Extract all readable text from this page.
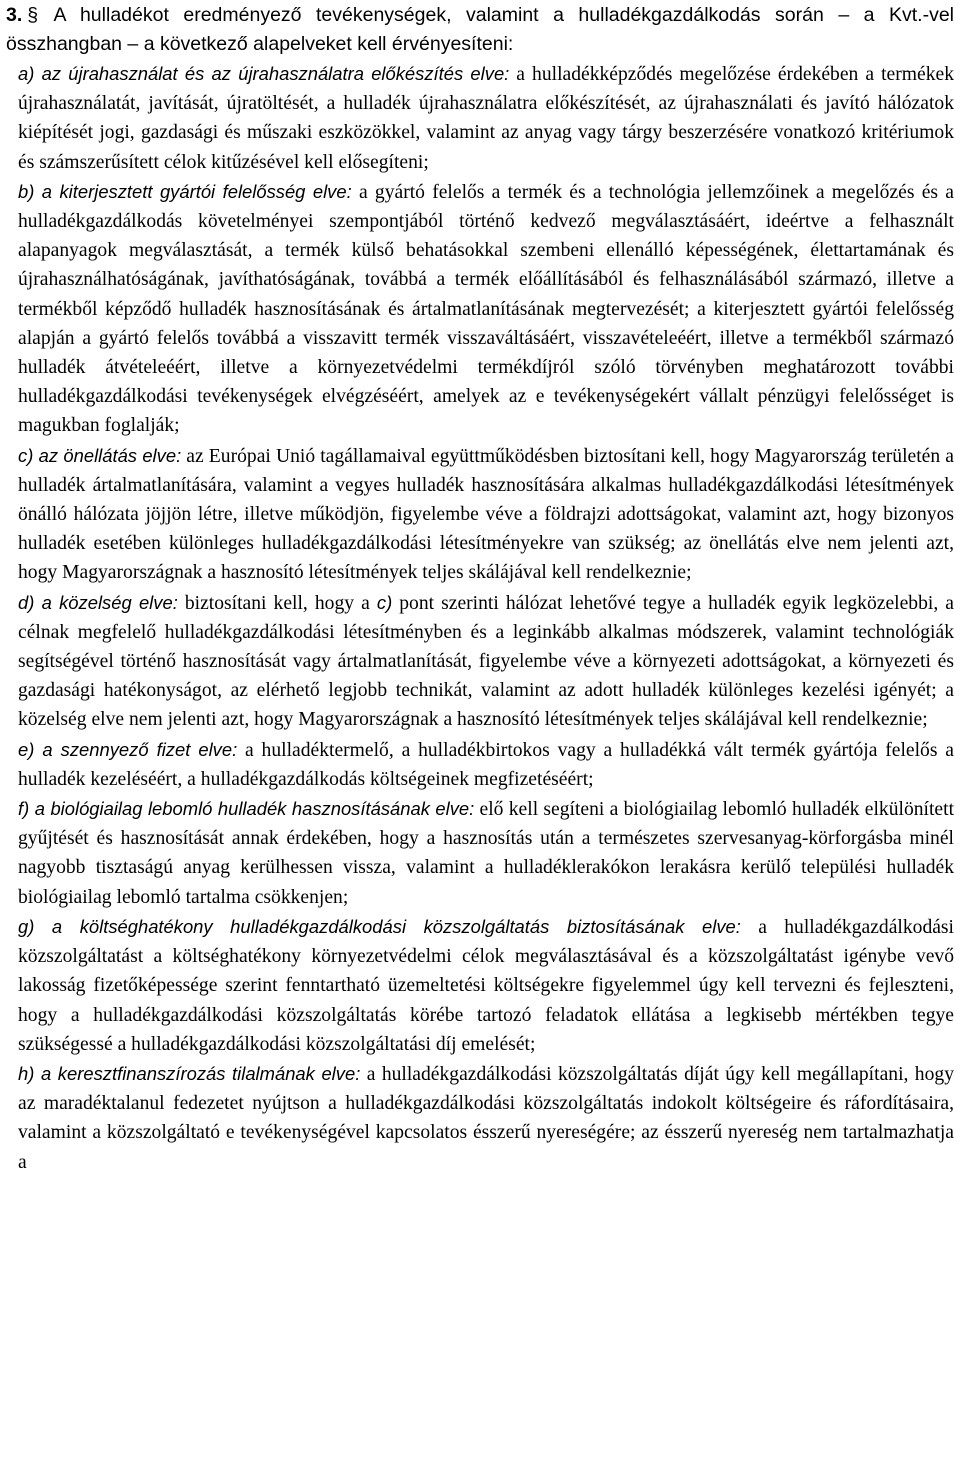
3. § A hulladékot eredményező tevékenységek, valamint a hulladékgazdálkodás során – a Kvt.-vel összhangban – a következő alapelveket kell érvényesíteni:

a) az újrahasználat és az újrahasználatra előkészítés elve: a hulladékképződés megelőzése érdekében a termékek újrahasználatát, javítását, újratöltését, a hulladék újrahasználatra előkészítését, az újrahasználati és javító hálózatok kiépítését jogi, gazdasági és műszaki eszközökkel, valamint az anyag vagy tárgy beszerzésére vonatkozó kritériumok és számszerűsített célok kitűzésével kell elősegíteni;

b) a kiterjesztett gyártói felelősség elve: a gyártó felelős a termék és a technológia jellemzőinek a megelőzés és a hulladékgazdálkodás követelményei szempontjából történő kedvező megválasztásáért, ideértve a felhasznált alapanyagok megválasztását, a termék külső behatásokkal szembeni ellenálló képességének, élettartamának és újrahasználhatóságának, javíthatóságának, továbbá a termék előállításából és felhasználásából származó, illetve a termékből képződő hulladék hasznosításának és ártalmatlanításának megtervezését; a kiterjesztett gyártói felelősség alapján a gyártó felelős továbbá a visszavitt termék visszaváltásáért, visszavételeéért, illetve a termékből származó hulladék átvételeéért, illetve a környezetvédelmi termékdíjról szóló törvényben meghatározott további hulladékgazdálkodási tevékenységek elvégzéséért, amelyek az e tevékenységekért vállalt pénzügyi felelősséget is magukban foglalják;

c) az önellátás elve: az Európai Unió tagállamaival együttműködésben biztosítani kell, hogy Magyarország területén a hulladék ártalmatlanítására, valamint a vegyes hulladék hasznosítására alkalmas hulladékgazdálkodási létesítmények önálló hálózata jöjjön létre, illetve működjön, figyelembe véve a földrajzi adottságokat, valamint azt, hogy bizonyos hulladék esetében különleges hulladékgazdálkodási létesítményekre van szükség; az önellátás elve nem jelenti azt, hogy Magyarországnak a hasznosító létesítmények teljes skálájával kell rendelkeznie;

d) a közelség elve: biztosítani kell, hogy a c) pont szerinti hálózat lehetővé tegye a hulladék egyik legközelebbi, a célnak megfelelő hulladékgazdálkodási létesítményben és a leginkább alkalmas módszerek, valamint technológiák segítségével történő hasznosítását vagy ártalmatlanítását, figyelembe véve a környezeti adottságokat, a környezeti és gazdasági hatékonyságot, az elérhető legjobb technikát, valamint az adott hulladék különleges kezelési igényét; a közelség elve nem jelenti azt, hogy Magyarországnak a hasznosító létesítmények teljes skálájával kell rendelkeznie;

e) a szennyező fizet elve: a hulladéktermelő, a hulladékbirtokos vagy a hulladékká vált termék gyártója felelős a hulladék kezeléséért, a hulladékgazdálkodás költségeinek megfizetéséért;

f) a biológiailag lebomló hulladék hasznosításának elve: elő kell segíteni a biológiailag lebomló hulladék elkülönített gyűjtését és hasznosítását annak érdekében, hogy a hasznosítás után a természetes szervesanyag-körforgásba minél nagyobb tisztaságú anyag kerülhessen vissza, valamint a hulladéklerakókon lerakásra kerülő települési hulladék biológiailag lebomló tartalma csökkenjen;

g) a költséghatékony hulladékgazdálkodási közszolgáltatás biztosításának elve: a hulladékgazdálkodási közszolgáltatást a költséghatékony környezetvédelmi célok megválasztásával és a közszolgáltatást igénybe vevő lakosság fizetőképessége szerint fenntartható üzemeltetési költségekre figyelemmel úgy kell tervezni és fejleszteni, hogy a hulladékgazdálkodási közszolgáltatás körébe tartozó feladatok ellátása a legkisebb mértékben tegye szükségessé a hulladékgazdálkodási közszolgáltatási díj emelését;

h) a keresztfinanszírozás tilalmának elve: a hulladékgazdálkodási közszolgáltatás díját úgy kell megállapítani, hogy az maradéktalanul fedezetet nyújtson a hulladékgazdálkodási közszolgáltatás indokolt költségeire és ráfordításaira, valamint a közszolgáltató e tevékenységével kapcsolatos ésszerű nyereségére; az ésszerű nyereség nem tartalmazhatja a
